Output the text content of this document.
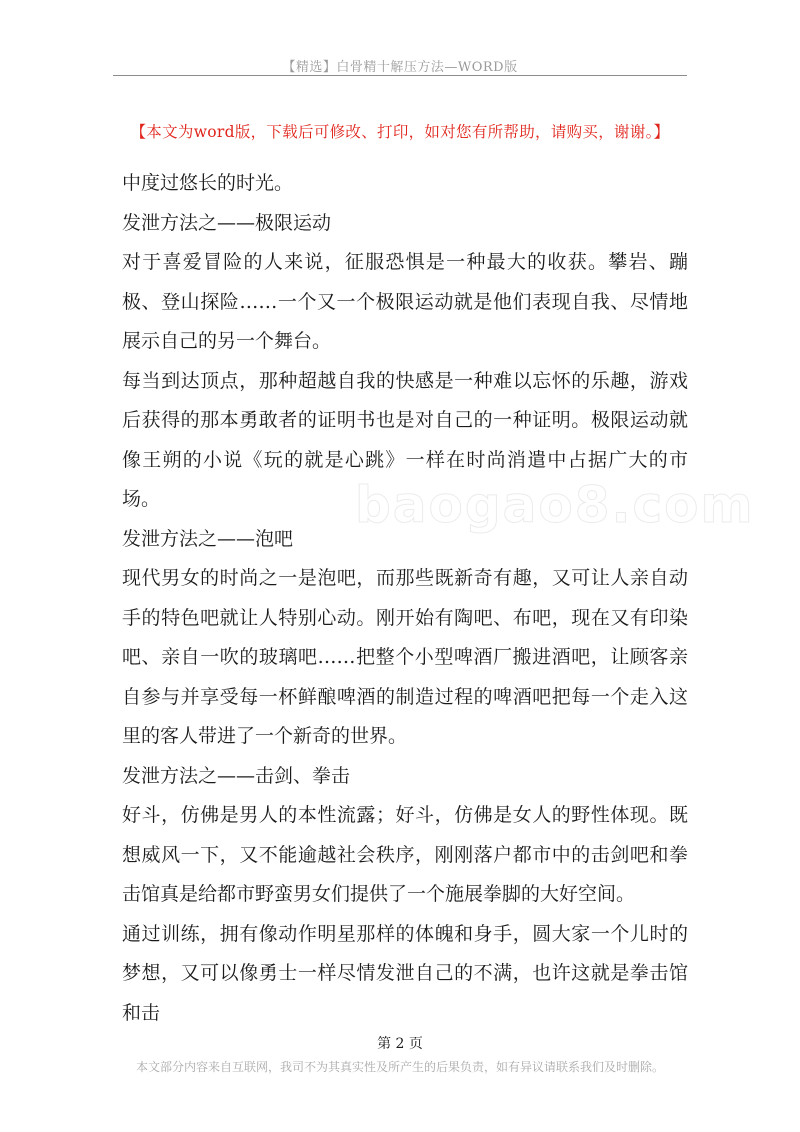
【精选】白骨精十解压方法—WORD版
【本文为word版，下载后可修改、打印，如对您有所帮助，请购买，谢谢。】
baogao8.com

中度过悠长的时光。

发泄方法之——极限运动

对于喜爱冒险的人来说，征服恐惧是一种最大的收获。攀岩、蹦极、登山探险……一个又一个极限运动就是他们表现自我、尽情地展示自己的另一个舞台。

每当到达顶点，那种超越自我的快感是一种难以忘怀的乐趣，游戏后获得的那本勇敢者的证明书也是对自己的一种证明。极限运动就像王朔的小说《玩的就是心跳》一样在时尚消遣中占据广大的市场。

发泄方法之——泡吧

现代男女的时尚之一是泡吧，而那些既新奇有趣，又可让人亲自动手的特色吧就让人特别心动。刚开始有陶吧、布吧，现在又有印染吧、亲自一吹的玻璃吧……把整个小型啤酒厂搬进酒吧，让顾客亲自参与并享受每一杯鲜酿啤酒的制造过程的啤酒吧把每一个走入这里的客人带进了一个新奇的世界。

发泄方法之——击剑、拳击

好斗，仿佛是男人的本性流露；好斗，仿佛是女人的野性体现。既想威风一下，又不能逾越社会秩序，刚刚落户都市中的击剑吧和拳击馆真是给都市野蛮男女们提供了一个施展拳脚的大好空间。

通过训练，拥有像动作明星那样的体魄和身手，圆大家一个儿时的梦想，又可以像勇士一样尽情发泄自己的不满，也许这就是拳击馆和击

第 2 页
本文部分内容来自互联网，我司不为其真实性及所产生的后果负责，如有异议请联系我们及时删除。
